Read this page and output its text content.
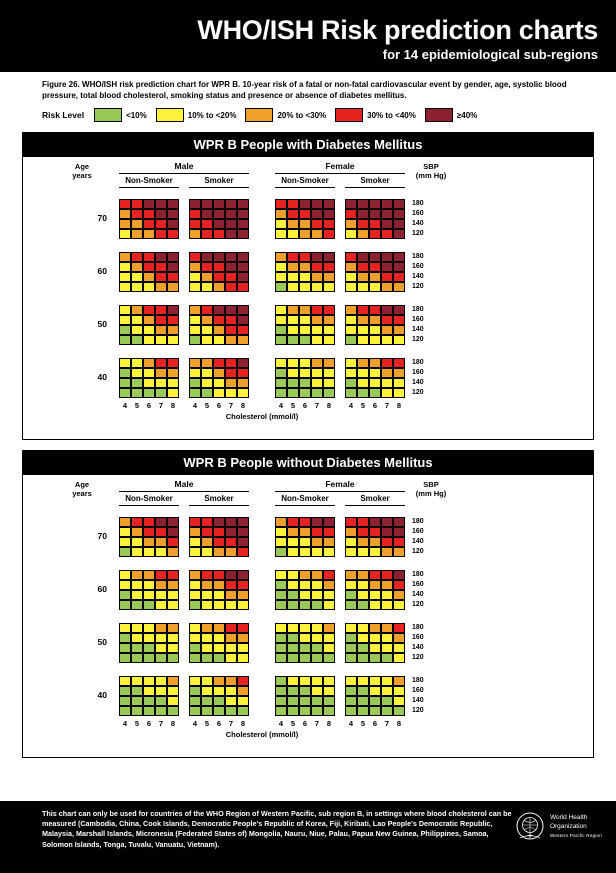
WHO/ISH Risk prediction charts
for 14 epidemiological sub-regions
Figure 26. WHO/ISH risk prediction chart for WPR B. 10-year risk of a fatal or non-fatal cardiovascular event by gender, age, systolic blood pressure, total blood cholesterol, smoking status and presence or absence of diabetes mellitus.
Risk Level	<10%	10% to <20%	20% to <30%	30% to <40%	≥40%
WPR B People with Diabetes Mellitus
Male	Female
Non-Smoker	Smoker	Non-Smoker	Smoker
Age
years
SBP
(mm Hg)
70
180
160
140
120
60
180
160
140
120
50
180
160
140
120
40
180
160
140
120
4	5	6	7	8	4	5	6	7	8	4	5	6	7	8	4	5	6	7	8
Cholesterol (mmol/l)
WPR B People without Diabetes Mellitus
Male	Female
Non-Smoker	Smoker	Non-Smoker	Smoker
Age
years
SBP
(mm Hg)
70
180
160
140
120
60
180
160
140
120
50
180
160
140
120
40
180
160
140
120
4	5	6	7	8	4	5	6	7	8	4	5	6	7	8	4	5	6	7	8
Cholesterol (mmol/l)
This chart can only be used for countries of the WHO Region of Western Pacific, sub region B, in settings where blood cholesterol can be measured (Cambodia, China, Cook Islands, Democratic People's Republic of Korea, Fiji, Kiribati, Lao People's Democratic Republic, Malaysia, Marshall Islands, Micronesia (Federated States of) Mongolia, Nauru, Niue, Palau, Papua New Guinea, Philippines, Samoa, Solomon Islands, Tonga, Tuvalu, Vanuatu, Vietnam).
World Health
Organization
Western Pacific Region
